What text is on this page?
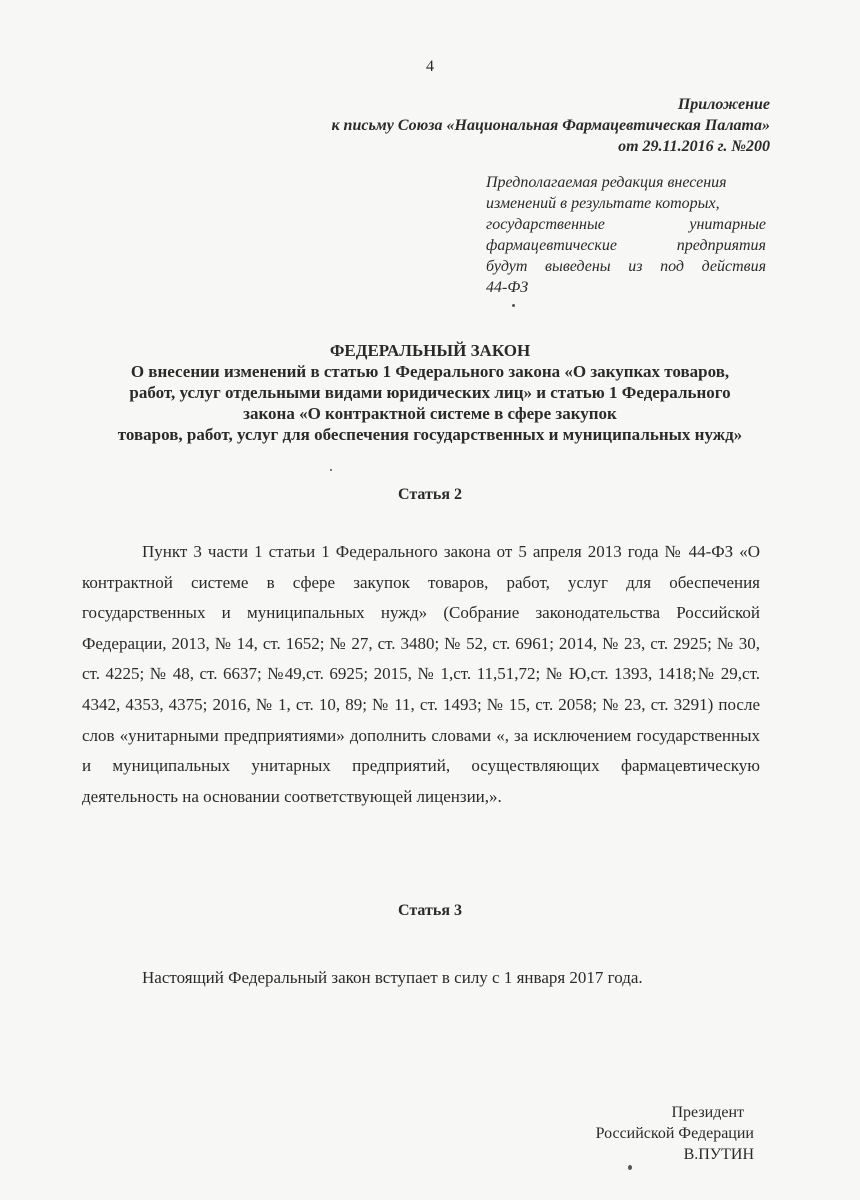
4
Приложение
к письму Союза «Национальная Фармацевтическая Палата»
от 29.11.2016 г. №200
Предполагаемая редакция внесения
изменений в результате которых,
государственные унитарные
фармацевтические предприятия
будут выведены из под действия
44-ФЗ
ФЕДЕРАЛЬНЫЙ ЗАКОН
О внесении изменений в статью 1 Федерального закона «О закупках товаров,
работ, услуг отдельными видами юридических лиц» и статью 1 Федерального
закона «О контрактной системе в сфере закупок
товаров, работ, услуг для обеспечения государственных и муниципальных нужд»
Статья 2
Пункт 3 части 1 статьи 1 Федерального закона от 5 апреля 2013 года № 44-ФЗ «О контрактной системе в сфере закупок товаров, работ, услуг для обеспечения государственных и муниципальных нужд» (Собрание законодательства Российской Федерации, 2013, № 14, ст. 1652; № 27, ст. 3480; № 52, ст. 6961; 2014, № 23, ст. 2925; № 30, ст. 4225; № 48, ст. 6637; №49,ст. 6925; 2015, № 1,ст. 11,51,72; № Ю,ст. 1393, 1418;№ 29,ст. 4342, 4353, 4375; 2016, № 1, ст. 10, 89; № 11, ст. 1493; № 15, ст. 2058; № 23, ст. 3291) после слов «унитарными предприятиями» дополнить словами «, за исключением государственных и муниципальных унитарных предприятий, осуществляющих фармацевтическую деятельность на основании соответствующей лицензии,».
Статья 3
Настоящий Федеральный закон вступает в силу с 1 января 2017 года.
Президент
Российской Федерации
В.ПУТИН
